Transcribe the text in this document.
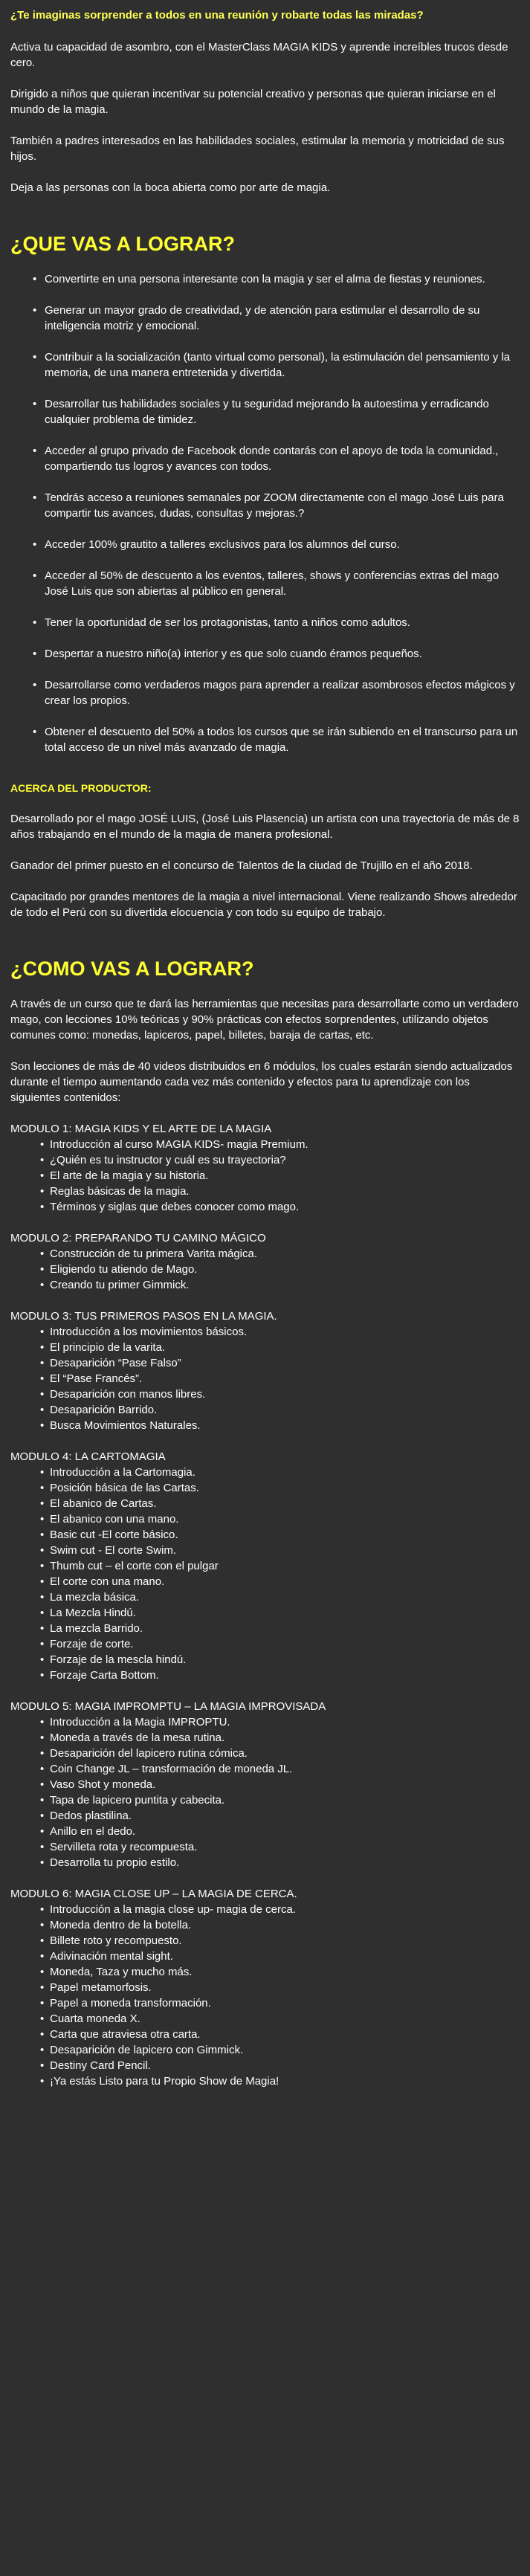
¿Te imaginas sorprender a todos en una reunión y robarte todas las miradas?

Activa tu capacidad de asombro, con el MasterClass MAGIA KIDS y aprende increíbles trucos desde cero.

Dirigido a niños que quieran incentivar su potencial creativo y personas que quieran iniciarse en el mundo de la magia.

También a padres interesados en las habilidades sociales, estimular la memoria y motricidad de sus hijos.

Deja a las personas con la boca abierta como por arte de magia.

¿QUE VAS A LOGRAR?
• Convertirte en una persona interesante con la magia y ser el alma de fiestas y reuniones.
• Generar un mayor grado de creatividad, y de atención para estimular el desarrollo de su inteligencia motriz y emocional.
• Contribuir a la socialización (tanto virtual como personal), la estimulación del pensamiento y la memoria, de una manera entretenida y divertida.
• Desarrollar tus habilidades sociales y tu seguridad mejorando la autoestima y erradicando cualquier problema de timidez.
• Acceder al grupo privado de Facebook donde contarás con el apoyo de toda la comunidad., compartiendo tus logros y avances con todos.
• Tendrás acceso a reuniones semanales por ZOOM directamente con el mago José Luis para compartir tus avances, dudas, consultas y mejoras.?
• Acceder 100% grautito a talleres exclusivos para los alumnos del curso.
• Acceder al 50% de descuento a los eventos, talleres, shows y conferencias extras del mago José Luis que son abiertas al público en general.
• Tener la oportunidad de ser los protagonistas, tanto a niños como adultos.
• Despertar a nuestro niño(a) interior y es que solo cuando éramos pequeños.
• Desarrollarse como verdaderos magos para aprender a realizar asombrosos efectos mágicos y crear los propios.
• Obtener el descuento del 50% a todos los cursos que se irán subiendo en el transcurso para un total acceso de un nivel más avanzado de magia.
ACERCA DEL PRODUCTOR:

Desarrollado por el mago JOSÉ LUIS, (José Luis Plasencia) un artista con una trayectoria de más de 8 años trabajando en el mundo de la magia de manera profesional.

Ganador del primer puesto en el concurso de Talentos de la ciudad de Trujillo en el año 2018.

Capacitado por grandes mentores de la magia a nivel internacional. Viene realizando Shows alrededor de todo el Perú con su divertida elocuencia y con todo su equipo de trabajo.

¿COMO VAS A LOGRAR?

A través de un curso que te dará las herramientas que necesitas para desarrollarte como un verdadero mago, con lecciones 10% teóricas y 90% prácticas con efectos sorprendentes, utilizando objetos comunes como: monedas, lapiceros, papel, billetes, baraja de cartas, etc.

Son lecciones de más de 40 videos distribuidos en 6 módulos, los cuales estarán siendo actualizados durante el tiempo aumentando cada vez más contenido y efectos para tu aprendizaje con los siguientes contenidos:

MODULO 1: MAGIA KIDS Y EL ARTE DE LA MAGIA
• Introducción al curso MAGIA KIDS- magia Premium.
• ¿Quién es tu instructor y cuál es su trayectoria?
• El arte de la magia y su historia.
• Reglas básicas de la magia.
• Términos y siglas que debes conocer como mago.
MODULO 2: PREPARANDO TU CAMINO MÁGICO
• Construcción de tu primera Varita mágica.
• Eligiendo tu atiendo de Mago.
• Creando tu primer Gimmick.
MODULO 3: TUS PRIMEROS PASOS EN LA MAGIA.
• Introducción a los movimientos básicos.
• El principio de la varita.
• Desaparición “Pase Falso”
• El “Pase Francés”.
• Desaparición con manos libres.
• Desaparición Barrido.
• Busca Movimientos Naturales.
MODULO 4: LA CARTOMAGIA
• Introducción a la Cartomagia.
• Posición básica de las Cartas.
• El abanico de Cartas.
• El abanico con una mano.
• Basic cut -El corte básico.
• Swim cut - El corte Swim.
• Thumb cut – el corte con el pulgar
• El corte con una mano.
• La mezcla básica.
• La Mezcla Hindú.
• La mezcla Barrido.
• Forzaje de corte.
• Forzaje de la mescla hindú.
• Forzaje Carta Bottom.
MODULO 5: MAGIA IMPROMPTU – LA MAGIA IMPROVISADA
• Introducción a la Magia IMPROPTU.
• Moneda a través de la mesa rutina.
• Desaparición del lapicero rutina cómica.
• Coin Change JL – transformación de moneda JL.
• Vaso Shot y moneda.
• Tapa de lapicero puntita y cabecita.
• Dedos plastilina.
• Anillo en el dedo.
• Servilleta rota y recompuesta.
• Desarrolla tu propio estilo.
MODULO 6: MAGIA CLOSE UP – LA MAGIA DE CERCA.
• Introducción a la magia close up- magia de cerca.
• Moneda dentro de la botella.
• Billete roto y recompuesto.
• Adivinación mental sight.
• Moneda, Taza y mucho más.
• Papel metamorfosis.
• Papel a moneda transformación.
• Cuarta moneda X.
• Carta que atraviesa otra carta.
• Desaparición de lapicero con Gimmick.
• Destiny Card Pencil.
• ¡Ya estás Listo para tu Propio Show de Magia!
